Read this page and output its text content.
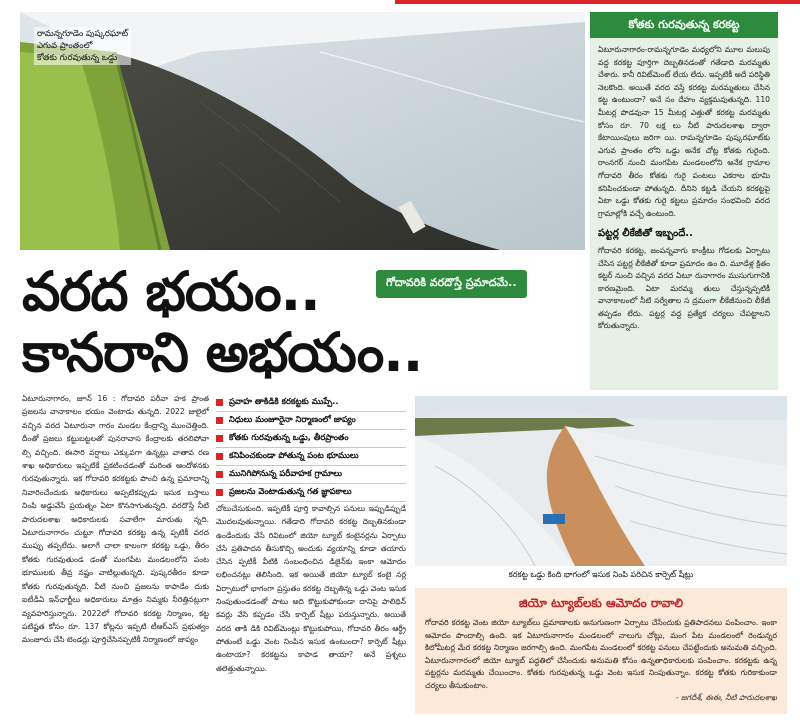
రామన్నగూడెం పుష్కరఘాట్
ఎగువ ప్రాంతంలో
కోతకు గురవుతున్న ఒడ్డు
కోతకు గురవుతున్న కరకట్ట
ఏటూరునాగారం-రామన్నగూడెం మధ్యలోని మూల మలుపు వద్ద కరకట్ట పూర్తిగా దెబ్బతినడంతో గతేడాది మరమ్మతు చేశారు. కానీ రివిట్‌మెంట్ లేయ లేదు. ఇప్పటికీ అదే పరిస్థితి నెలకొంది. అయితే వరద వస్తే కరకట్ట మరమ్మతులు చేసిన కట్ట ఉంటుందా? అనే సం దేహం వ్యక్తమవుతున్నది. 110 మీటర్ల పొడవునా 15 మీటర్ల ఎత్తుతో కరకట్ట మరమ్మతు కోసం రూ. 70 లక్ష లు నీటి పారుదలశాఖ ద్వారా కేటాయింపులు జరిగా యి. రామన్నగూడెం పుష్కరఘాట్‌కు ఎగువ ప్రాంతం లోని ఒడ్డు అనేక చోట్ల కోతకు గురైంది. రాంనగర్ నుంచి మంగపేట మండలంలోని అనేక గ్రామాల గోదావరి తీరం కోతకు గురై పంటలు ఎకరాల భూమి కనిపించకుండా పోతున్నది. దీనిని కట్టడి చేయని కరకట్టపై ఏటా ఒడ్డు కోతకు గురై కట్టలు ప్రమాదం సంభవించి వరద గ్రామాల్లోకి వచ్చే ఉంటుంది.
పట్టర్ల లీకేజీతో ఇబ్బందే..
గోదావరి కరకట్ట, జంపన్నవాగు కాంక్రీటు గోడలకు ఏర్పాటు చేసిన పట్టర్ల లీకేజీతో కూడా ప్రమాదం ఉం ది. మూడేళ్ల క్రితం కట్టర్ నుంచి వచ్చిన వరద ఏటూ రునాగారం ముసుగుగానికి కారణమైంది. ఏటా మరమ్మ తులు చేస్తున్నప్పటికీ వానాకాలంలో నీటి సర్వేతాల స ద్రమంగా లీకేజీనుంచి లీకేజీ తప్పడం లేదు. పట్టర్ల వద్ద ప్రత్యేక చర్యలు చేపట్టాలని కోరుతున్నారు.
వరద భయం..	గోదావరికి వరదొస్తే ప్రమాదమే..
కానరాని అభయం..
ఏటూరునాగారం, జూన్ 16 : గోదావరి పరీవా హక ప్రాంత ప్రజలను వానాకాలం భయం వెంటాడు తున్నది. 2022 జులైలో వచ్చిన వరద ఏటూరునా గారం మండల కేంద్రాన్ని ముంచెత్తింది. దీంతో ప్రజలు కట్టుబట్టలతో పునరావాస కేంద్రాలకు తరలిపోవా ల్సి వచ్చింది. ఈసారి వర్షాలు ఎక్కువగా ఉన్నట్లు వాతావ రణ శాఖ అధికారులు ఇప్పటికే ప్రకటించడంతో మరింత ఆందోళనకు గురవుతున్నారు. ఇక గోదావరి కరకట్టకు పొంచి ఉన్న ప్రమాదాన్ని నివారించేందుకు అధికారులు అప్పటికప్పుడు ఇసుక బస్తాలు నింపి అడ్డువేసే ప్రయత్నం ఏటా కొనసాగుతున్నది. వరదొస్తే నీటి పారుదలశాఖ అధికారులకు సవాలేగా మారుతు న్నది. ఏటూరునాగారం చుట్టూ గోదావరి కరకట్ట ఉన్న ప్పటికీ వరద ముప్పు తప్పలేదు. అలాగే చాలా కాలంగా కరకట్ట ఒడ్డు, తీరం కోతకు గురవుతుండ డంతో మంగపేట మండలంలోని పంట భూములకు తీవ్ర నష్టం వాటిల్లుతున్నది. పుష్కరతీరం కూడా కోతకు గురవుతున్నది. వీటి నుంచి ప్రజలను కాపాడేం దుకు ఐటీడీఏ ఇన్‌ఛార్జీలు అధికారులు మాత్రం నిమ్మకు నీరెత్తినట్లుగా వ్యవహరిస్తున్నారు. 2022లో గోదావరి కరకట్ట నిర్మాణం, కట్ట పటిష్టత కోసం రూ. 137 కోట్లను ఇప్పటి టీఆర్ఎస్ ప్రభుత్వం మంజూరు చేసి టెండర్లు పూర్తిచేసినప్పటికీ నిర్మాణంలో జాప్యం
ప్రవాహ తాకిడికి కరకట్టకు ముప్పే..
నిధులు మంజూరైనా నిర్మాణంలో జాప్యం
కోతకు గురవుతున్న ఒడ్డు, తీరప్రాంతం
కనిపించకుండా పోతున్న పంట భూములు
మునిగిపోనున్న పరీవాహక గ్రామాలు
ప్రజలను వెంటాడుతున్న గత జ్ఞాపకాలు
చోటుచేసుకుంది. ఇప్పటికీ పూర్తి కావాల్సిన పనులు ఇప్పుడిప్పుడే మొదలవుతున్నాయి. గతేడాది గోదావరి కరకట్ట దెబ్బతినకుండా ఉండేందుకు వేసే రివిటంలో జియో ట్యూబ్ కంటైనర్లను ఏర్పాటు చేసే ప్రతిపాదన తీసుకొచ్చి అందుకు వ్యయాన్ని కూడా తయారు చేసిన ప్పటికీ వీటికి సంబంధించిన డిజైన్‌కు ఇంకా ఆమోదం లభించనట్లు తెలిసింది. ఇక అయితే జియో ట్యూబ్ కంటై నర్ల ఏర్పాటులో భాగంగా ప్రస్తుతం కరకట్ట దెబ్బతిన్న ఒడ్డు వెంట ఇసుక నింపుతుండడంతో పాటు అది కొట్టుకుపోకుండా దానిపై పాలిథిన్ కవర్లు వేసి కప్పడం చేసి కార్పెట్ షీట్లు పరుస్తున్నారు. అయితే వరద తాకి డికి రివిట్‌మెంట్లు కొట్టుకుపోయి, గోదావరి తీరం ఆర్ధ్రీ పోతుంటే ఒడ్డు వెంట నింపిన ఇసుక ఉంటుందా? కార్పెట్ షీట్లు ఉంటాయా? కరకట్టను కాపాడ తాయా? అనే ప్రశ్నలు తలెత్తుతున్నాయి.
కరకట్ట ఒడ్డు కింది భాగంలో ఇసుక నింపి పరిచిన కార్పెట్ షీట్లు
జియో ట్యూబ్‌లకు ఆమోదం రావాలి
గోదావరి కరకట్ట వెంట జియో ట్యూబ్‌లు ప్రమాణాలకు అనుగుణంగా ఏర్పాటు చేసేందుకు ప్రతిపాదనలు పంపించాం. ఇంకా ఆమోదం పొందాల్సి ఉంది. ఇక ఏటూరునాగారం మండలంలో నాలుగు చోట్లు, మంగ పేట మండలంలో రెండున్నర కిలోమీటర్ల మేర కరకట్ట నిర్మాణం జరగాల్సి ఉంది. మంగపేట మండలంలో కరకట్ట పనులు చేపట్టేందుకు అనుమతి వచ్చింది. ఏటూరునాగారంలో జియో ట్యూబ్ పద్ధతిలో చేసేందుకు అనుమతి కోసం ఉన్నతాధికారులకు పంపించాం. కరకట్టకు ఉన్న పట్టర్లను మరమ్మతు చేయించాం. కోతకు గురవుతున్న ఒడ్డు వెంట ఇసుక నింపుతున్నాం. కరకట్ట కోతకు గురికాకుండా చర్యలు తీసుకుంటాం.
- జగదీశ్, ఈఈ, నీటి పారుదలశాఖ
